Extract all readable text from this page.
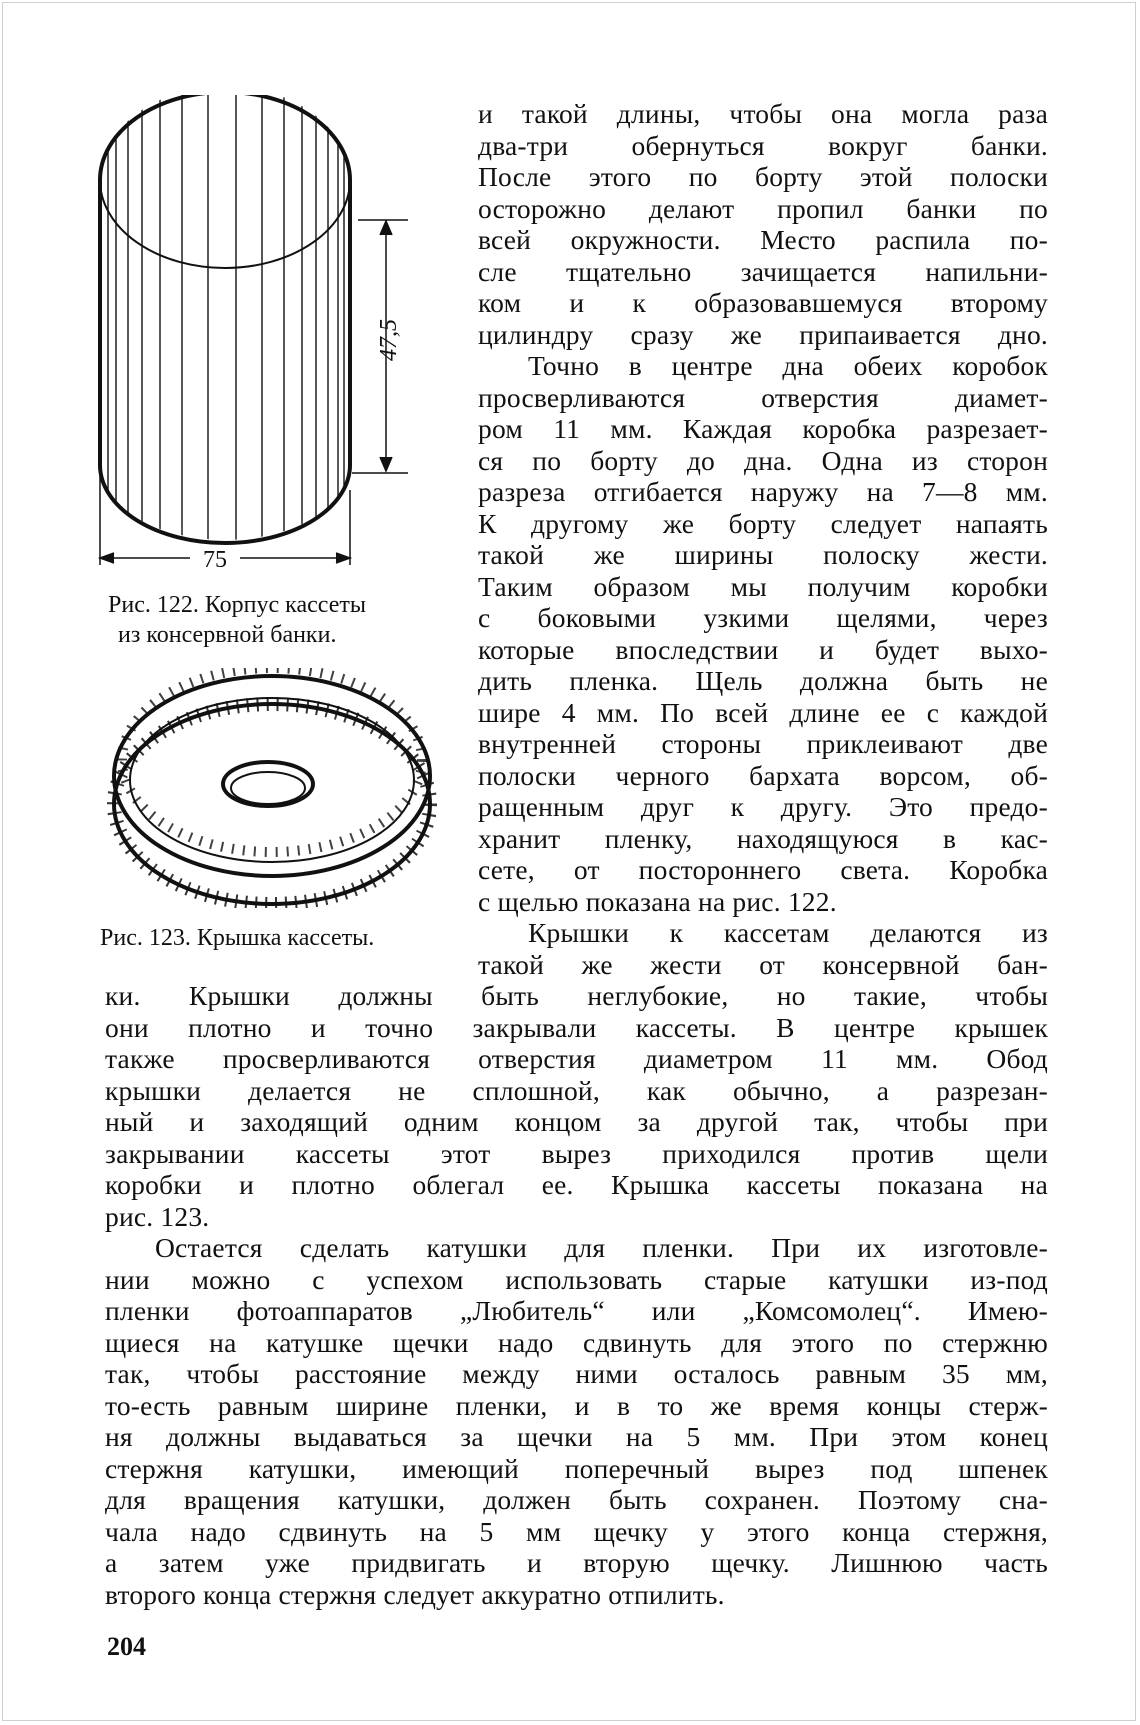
47,5
75
Рис. 122. Корпус кассеты
из консервной банки.
Рис. 123. Крышка кассеты.
и такой длины, чтобы она могла раза
два-три обернуться вокруг банки.
После этого по борту этой полоски
осторожно делают пропил банки по
всей окружности. Место распила по-
сле тщательно зачищается напильни-
ком и к образовавшемуся второму
цилиндру сразу же припаивается дно.
Точно в центре дна обеих коробок
просверливаются отверстия диамет-
ром 11 мм. Каждая коробка разрезает-
ся по борту до дна. Одна из сторон
разреза отгибается наружу на 7—8 мм.
К другому же борту следует напаять
такой же ширины полоску жести.
Таким образом мы получим коробки
с боковыми узкими щелями, через
которые впоследствии и будет выхо-
дить пленка. Щель должна быть не
шире 4 мм. По всей длине ее с каждой
внутренней стороны приклеивают две
полоски черного бархата ворсом, об-
ращенным друг к другу. Это предо-
хранит пленку, находящуюся в кас-
сете, от постороннего света. Коробка
с щелью показана на рис. 122.
Крышки к кассетам делаются из
такой же жести от консервной бан-
ки. Крышки должны быть неглубокие, но такие, чтобы
они плотно и точно закрывали кассеты. В центре крышек
также просверливаются отверстия диаметром 11 мм. Обод
крышки делается не сплошной, как обычно, а разрезан-
ный и заходящий одним концом за другой так, чтобы при
закрывании кассеты этот вырез приходился против щели
коробки и плотно облегал ее. Крышка кассеты показана на
рис. 123.
Остается сделать катушки для пленки. При их изготовле-
нии можно с успехом использовать старые катушки из-под
пленки фотоаппаратов „Любитель“ или „Комсомолец“. Имею-
щиеся на катушке щечки надо сдвинуть для этого по стержню
так, чтобы расстояние между ними осталось равным 35 мм,
то-есть равным ширине пленки, и в то же время концы стерж-
ня должны выдаваться за щечки на 5 мм. При этом конец
стержня катушки, имеющий поперечный вырез под шпенек
для вращения катушки, должен быть сохранен. Поэтому сна-
чала надо сдвинуть на 5 мм щечку у этого конца стержня,
а затем уже придвигать и вторую щечку. Лишнюю часть
второго конца стержня следует аккуратно отпилить.
204
